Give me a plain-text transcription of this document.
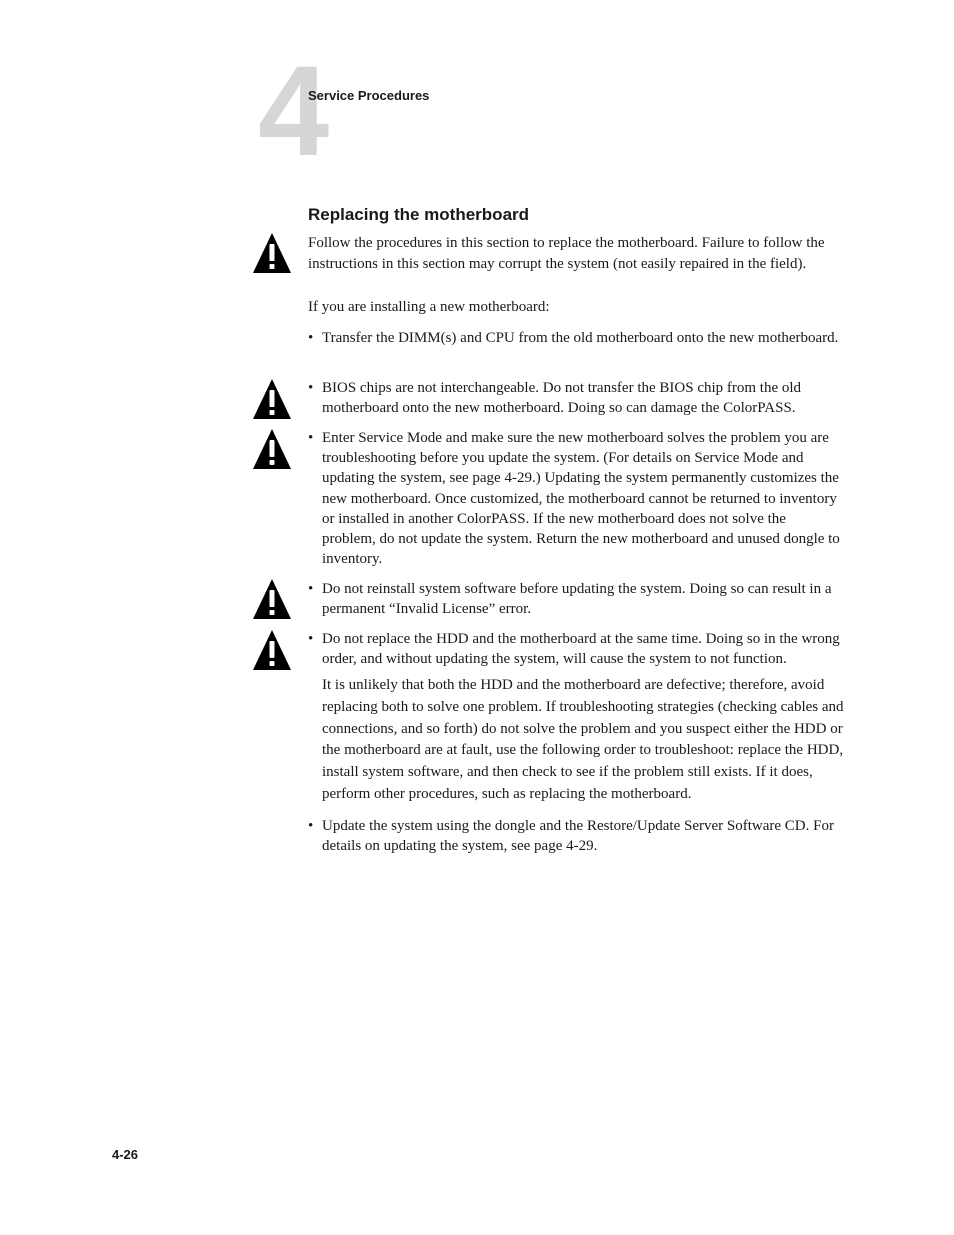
4
Service Procedures
Replacing the motherboard

Follow the procedures in this section to replace the motherboard. Failure to follow the instructions in this section may corrupt the system (not easily repaired in the field).

If you are installing a new motherboard:

• Transfer the DIMM(s) and CPU from the old motherboard onto the new motherboard.
• BIOS chips are not interchangeable. Do not transfer the BIOS chip from the old motherboard onto the new motherboard. Doing so can damage the ColorPASS.
• Enter Service Mode and make sure the new motherboard solves the problem you are troubleshooting before you update the system. (For details on Service Mode and updating the system, see page 4-29.) Updating the system permanently customizes the new motherboard. Once customized, the motherboard cannot be returned to inventory or installed in another ColorPASS. If the new motherboard does not solve the problem, do not update the system. Return the new motherboard and unused dongle to inventory.
• Do not reinstall system software before updating the system. Doing so can result in a permanent “Invalid License” error.
• Do not replace the HDD and the motherboard at the same time. Doing so in the wrong order, and without updating the system, will cause the system to not function.

It is unlikely that both the HDD and the motherboard are defective; therefore, avoid replacing both to solve one problem. If troubleshooting strategies (checking cables and connections, and so forth) do not solve the problem and you suspect either the HDD or the motherboard are at fault, use the following order to troubleshoot: replace the HDD, install system software, and then check to see if the problem still exists. If it does, perform other procedures, such as replacing the motherboard.

• Update the system using the dongle and the Restore/Update Server Software CD. For details on updating the system, see page 4-29.
4-26
